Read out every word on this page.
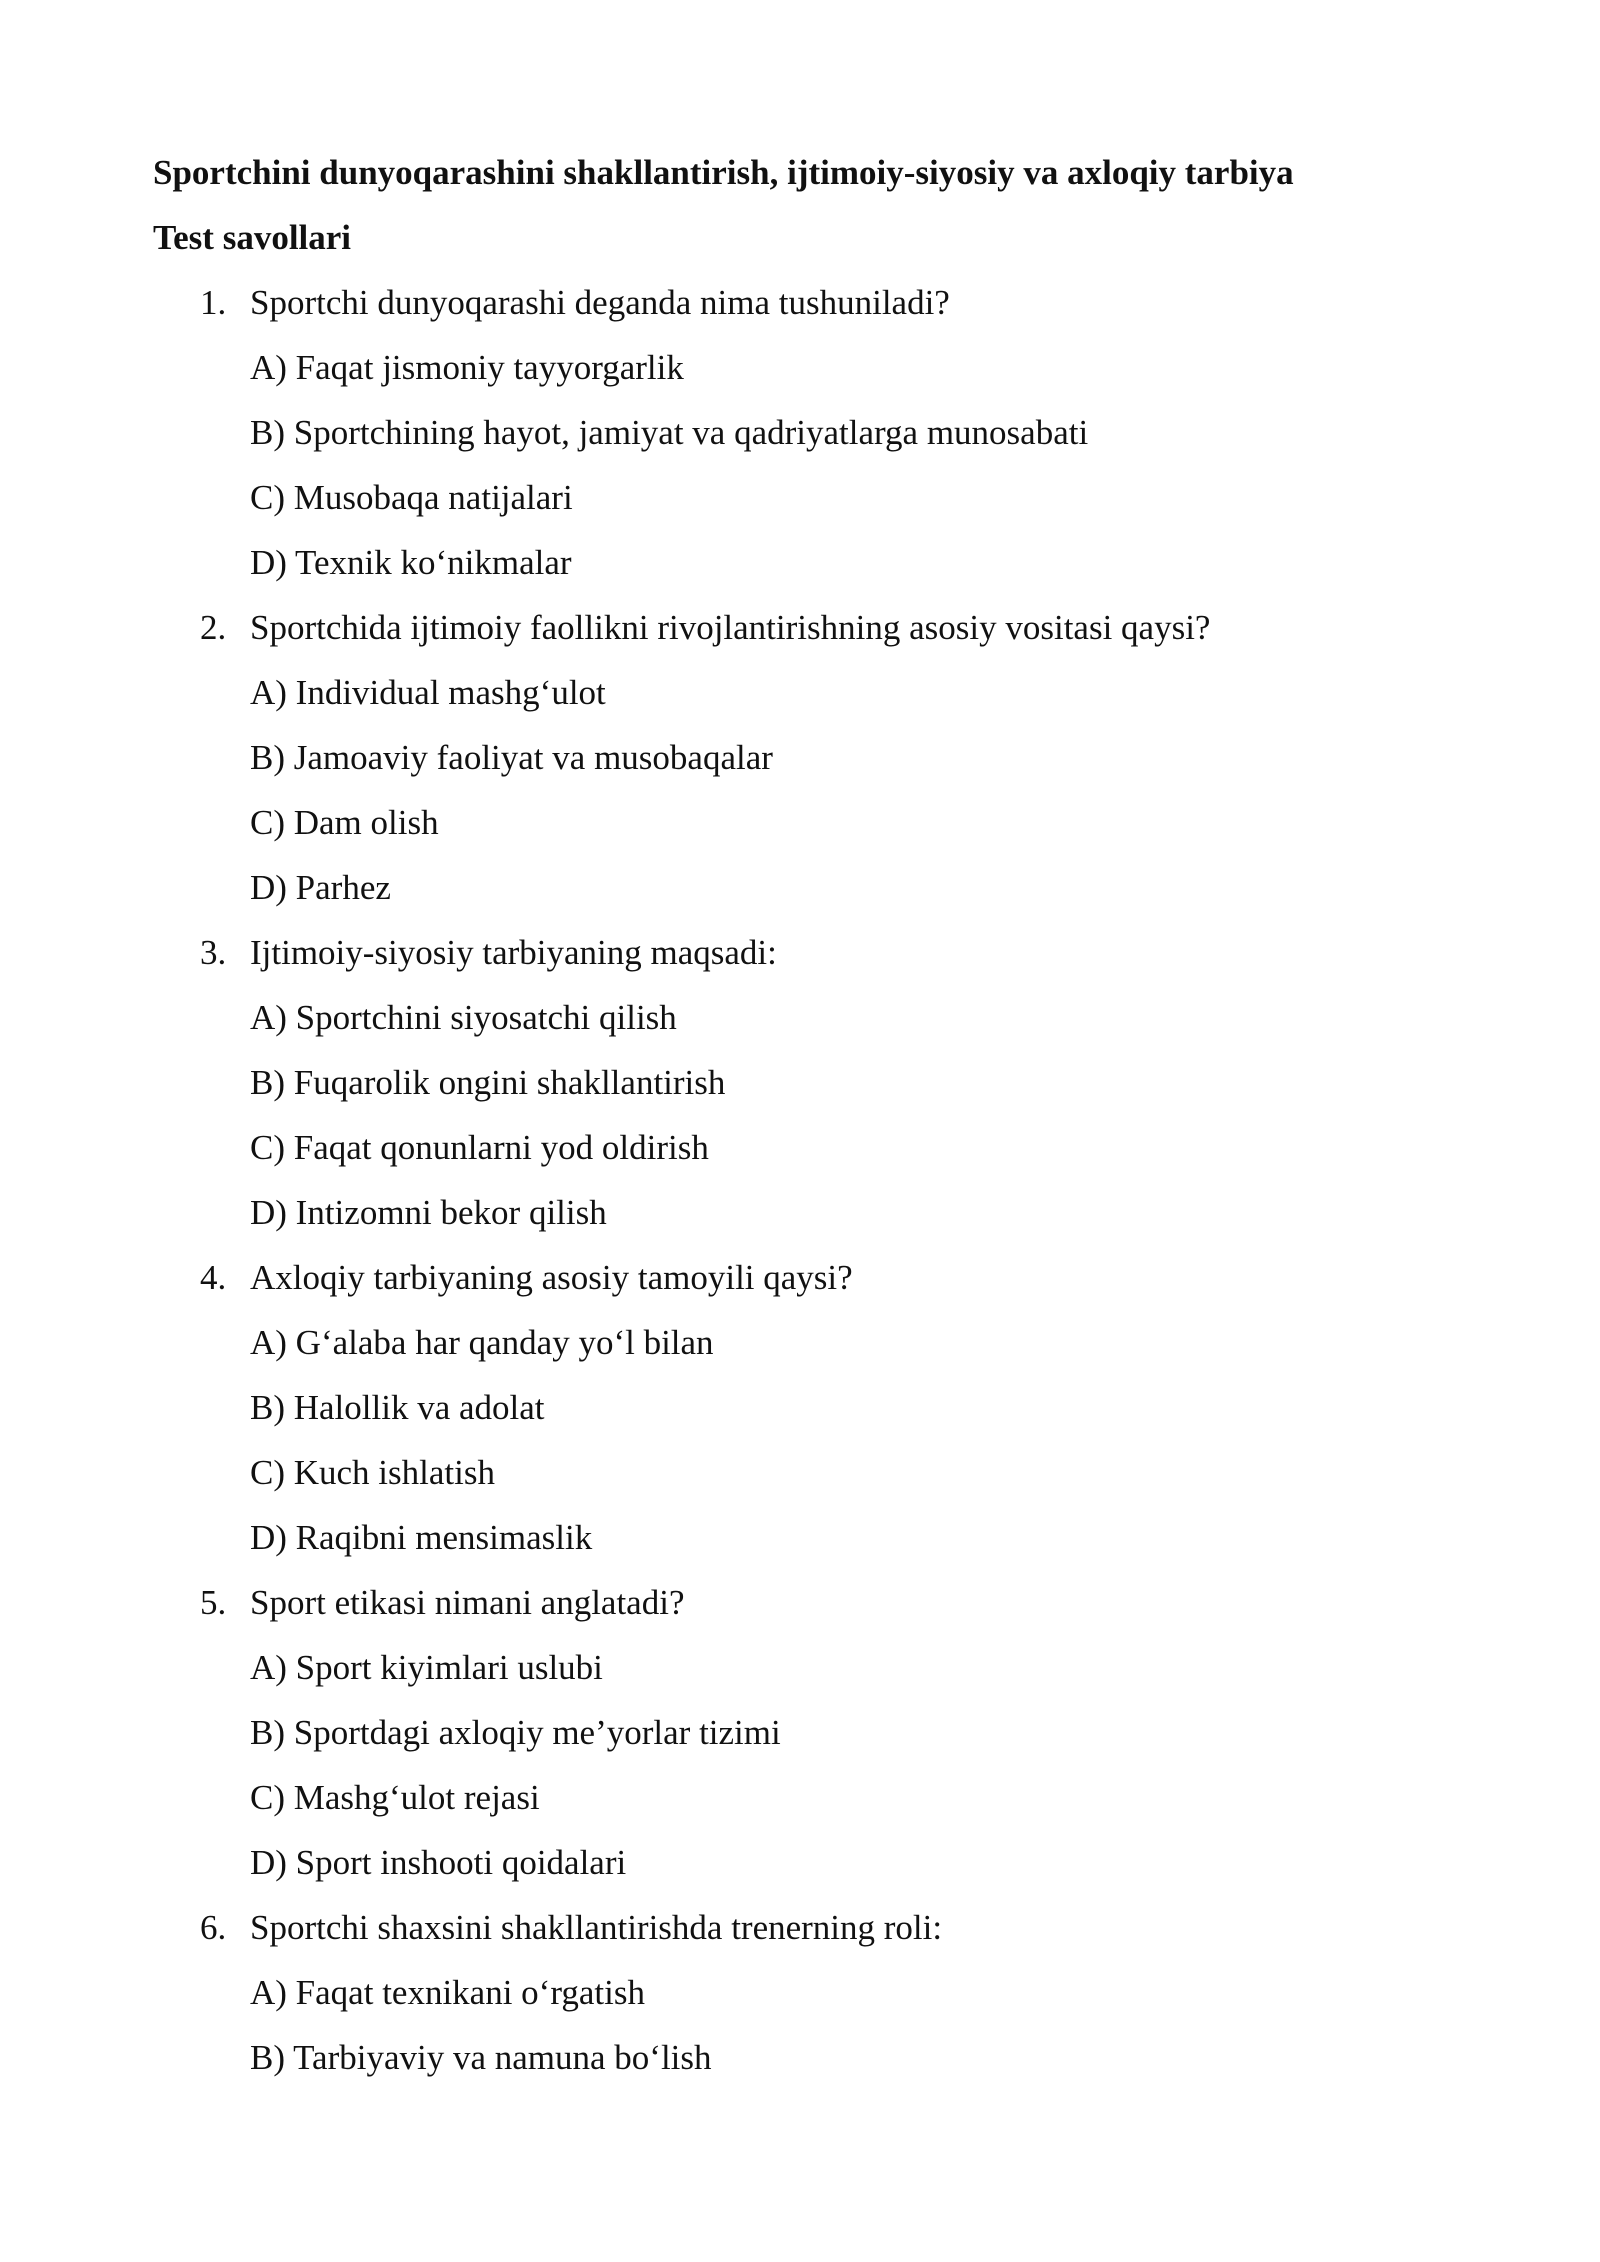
Sportchini dunyoqarashini shakllantirish, ijtimoiy-siyosiy va axloqiy tarbiya
Test savollari
1. Sportchi dunyoqarashi deganda nima tushuniladi?
A) Faqat jismoniy tayyorgarlik
B) Sportchining hayot, jamiyat va qadriyatlarga munosabati
C) Musobaqa natijalari
D) Texnik ko‘nikmalar
2. Sportchida ijtimoiy faollikni rivojlantirishning asosiy vositasi qaysi?
A) Individual mashg‘ulot
B) Jamoaviy faoliyat va musobaqalar
C) Dam olish
D) Parhez
3. Ijtimoiy-siyosiy tarbiyaning maqsadi:
A) Sportchini siyosatchi qilish
B) Fuqarolik ongini shakllantirish
C) Faqat qonunlarni yod oldirish
D) Intizomni bekor qilish
4. Axloqiy tarbiyaning asosiy tamoyili qaysi?
A) G‘alaba har qanday yo‘l bilan
B) Halollik va adolat
C) Kuch ishlatish
D) Raqibni mensimaslik
5. Sport etikasi nimani anglatadi?
A) Sport kiyimlari uslubi
B) Sportdagi axloqiy me’yorlar tizimi
C) Mashg‘ulot rejasi
D) Sport inshooti qoidalari
6. Sportchi shaxsini shakllantirishda trenerning roli:
A) Faqat texnikani o‘rgatish
B) Tarbiyaviy va namuna bo‘lish
